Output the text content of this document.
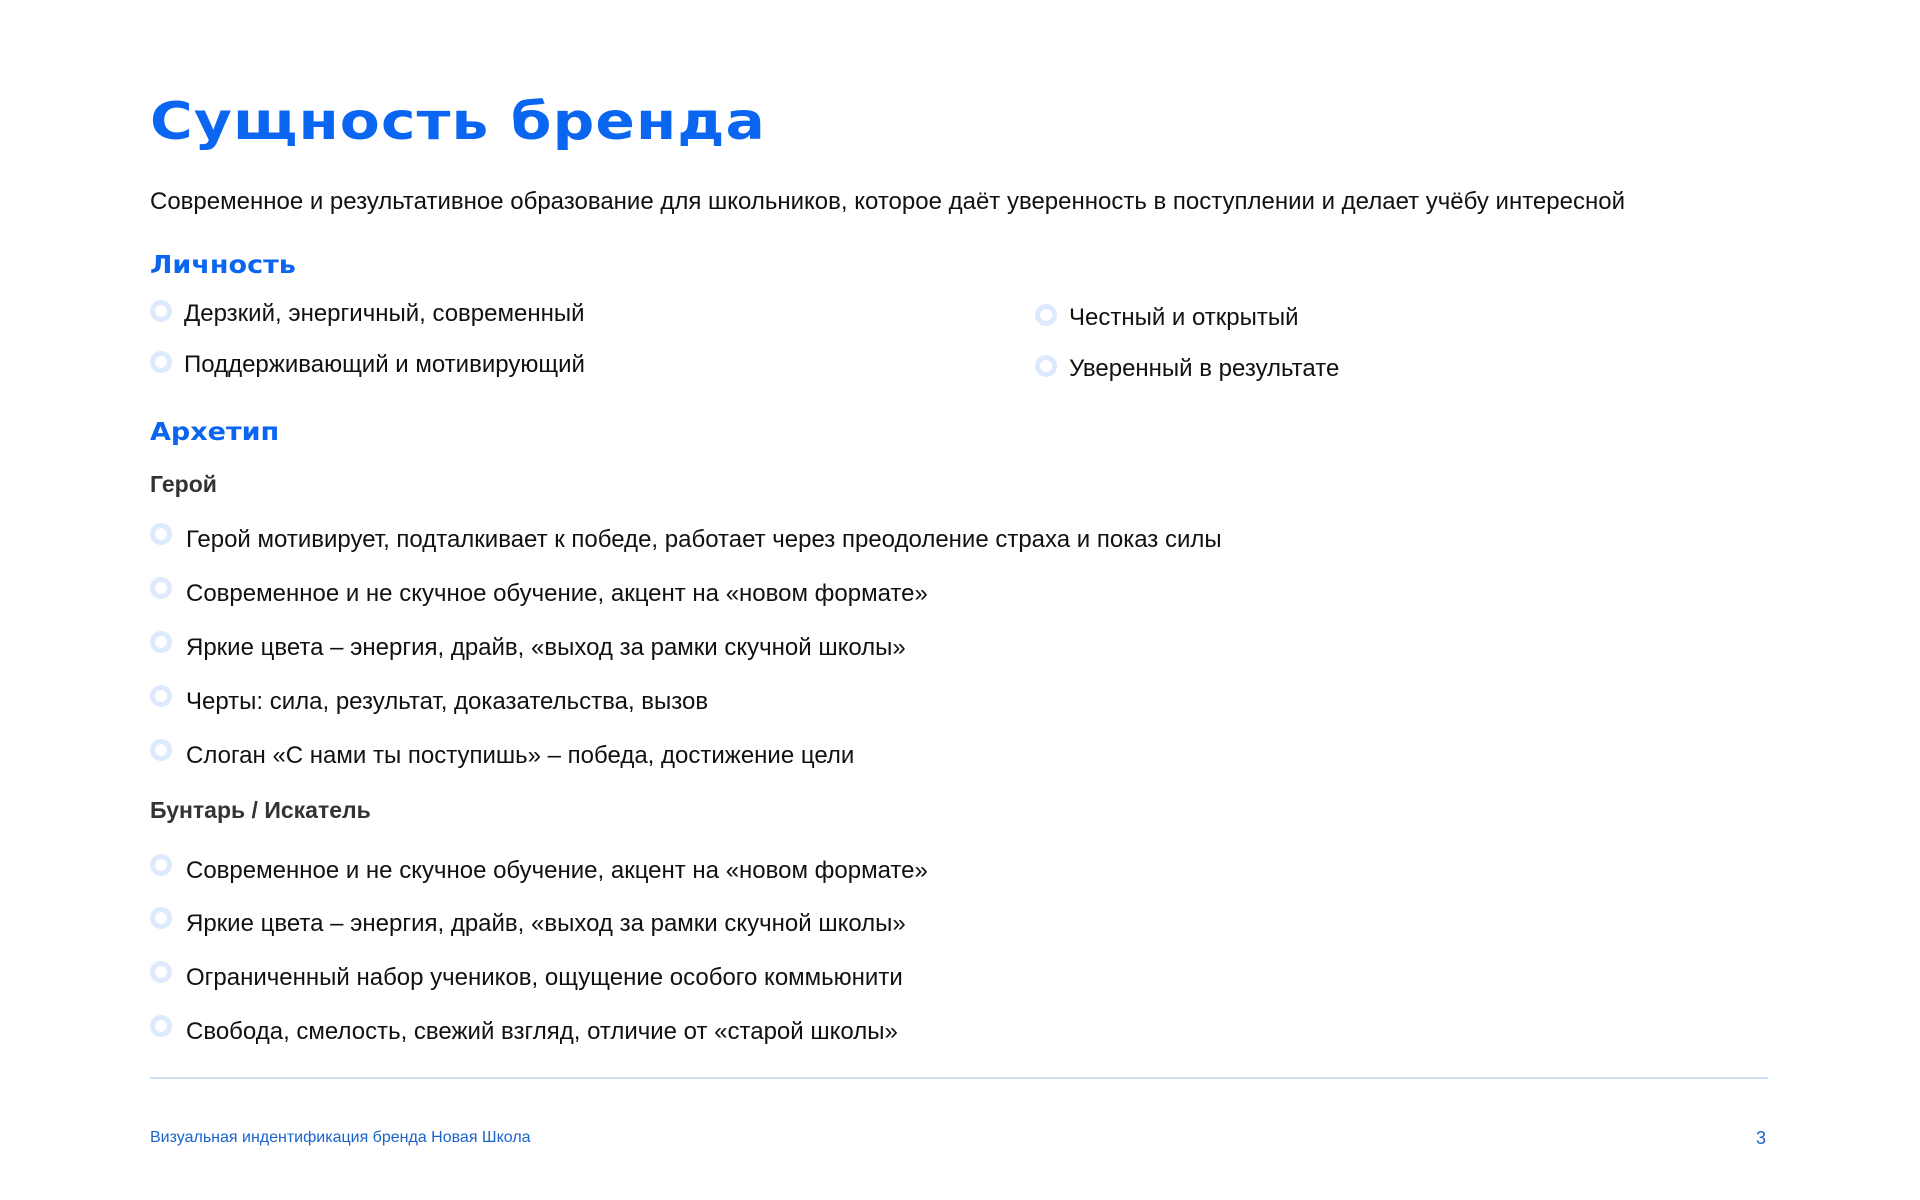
Сущность бренда
Современное и результативное образование для школьников, которое даёт уверенность в поступлении и делает учёбу интересной
Личность
Дерзкий, энергичный, современный
Поддерживающий и мотивирующий
Честный и открытый
Уверенный в результате
Архетип
Герой
Герой мотивирует, подталкивает к победе, работает через преодоление страха и показ силы
Современное и не скучное обучение, акцент на «новом формате»
Яркие цвета – энергия, драйв, «выход за рамки скучной школы»
Черты: сила, результат, доказательства, вызов
Слоган «С нами ты поступишь» – победа, достижение цели
Бунтарь / Искатель
Современное и не скучное обучение, акцент на «новом формате»
Яркие цвета – энергия, драйв, «выход за рамки скучной школы»
Ограниченный набор учеников, ощущение особого коммьюнити
Свобода, смелость, свежий взгляд, отличие от «старой школы»
Визуальная индентификация бренда Новая Школа	3
